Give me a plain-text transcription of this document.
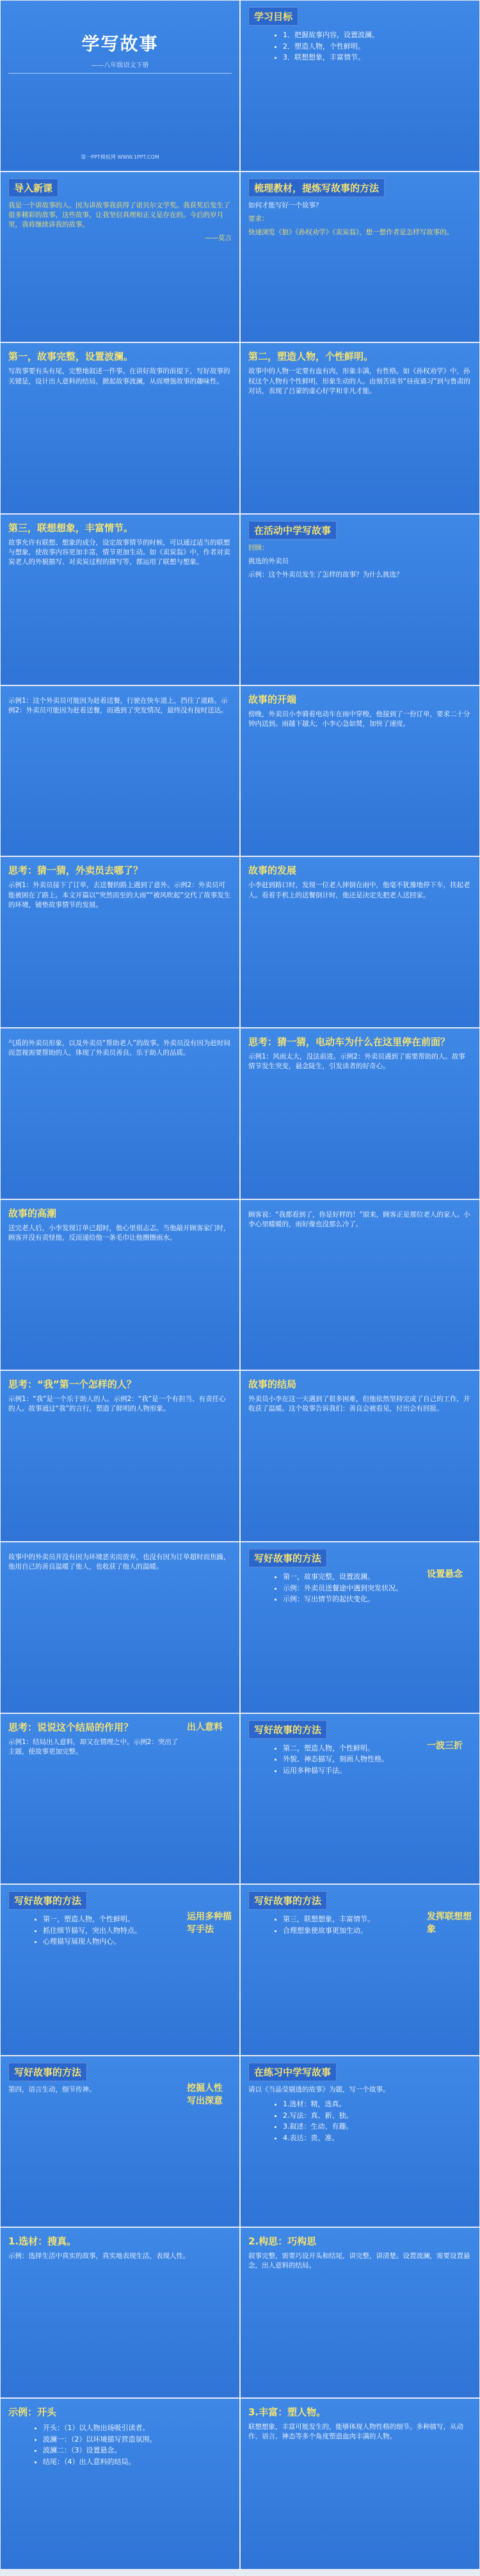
学写故事
——八年级语文下册
第一PPT模板网 WWW.1PPT.COM
学习目标
• 1．把握故事内容，设置波澜。
• 2．塑造人物，个性鲜明。
• 3．联想想象，丰富情节。
导入新课
我是一个讲故事的人。因为讲故事我获得了诺贝尔文学奖。我获奖后发生了很多精彩的故事，这些故事，让我坚信真理和正义是存在的。今后的岁月里，我将继续讲我的故事。
——莫言
梳理教材，提炼写故事的方法
如何才能写好一个故事？
要求：
快速浏览《狼》《孙权劝学》《卖炭翁》，想一想作者是怎样写故事的。
第一，故事完整，设置波澜。
写故事要有头有尾，完整地叙述一件事。在讲好故事的前提下，写好故事的关键是，设计出人意料的结局，掀起故事波澜，从而增强故事的趣味性。
第二，塑造人物，个性鲜明。
故事中的人物一定要有血有肉，形象丰满，有性格。如《孙权劝学》中，孙权这个人物有个性鲜明，形象生动的人。由刻苦读书“昼夜诵习”到与鲁肃的对话，表现了吕蒙的虚心好学和非凡才能。
第三，联想想象，丰富情节。
故事允许有联想、想象的成分，设定故事情节的时候，可以通过适当的联想与想象，使故事内容更加丰富，情节更加生动。如《卖炭翁》中，作者对卖炭老人的外貌描写、对卖炭过程的描写等，都运用了联想与想象。
在活动中学写故事
回顾：
挑选的外卖员
示例：这个外卖员发生了怎样的故事？为什么挑选？
示例1：这个外卖员可能因为赶着送餐，行驶在快车道上，挡住了道路。示例2：外卖员可能因为赶着送餐，而遇到了突发情况，最终没有按时送达。
故事的开端
傍晚，外卖员小李骑着电动车在雨中穿梭，他接到了一份订单，要求二十分钟内送到。雨越下越大，小李心急如焚，加快了速度。
思考：猜一猜，外卖员去哪了？
示例1：外卖员接下了订单，去送餐的路上遇到了意外。示例2：外卖员可能被困在了路上。本文开篇以“突然而至的大雨”“被风吹起”交代了故事发生的环境，铺垫故事情节的发展。
故事的发展
小李赶到路口时，发现一位老人摔倒在雨中，他毫不犹豫地停下车，扶起老人。看着手机上的送餐倒计时，他还是决定先把老人送回家。
气质的外卖员形象，以及外卖员“帮助老人”的故事。外卖员没有因为赶时间而忽视需要帮助的人，体现了外卖员善良、乐于助人的品质。
思考：猜一猜，电动车为什么在这里停在前面？
示例1：风雨太大，没法前进。示例2：外卖员遇到了需要帮助的人。故事情节发生突变，悬念陡生，引发读者的好奇心。
故事的高潮
送完老人后，小李发现订单已超时，他心里很忐忑。当他敲开顾客家门时，顾客并没有责怪他，反而递给他一条毛巾让他擦擦雨水。
顾客说：“我都看到了，你是好样的！”原来，顾客正是那位老人的家人。小李心里暖暖的，雨好像也没那么冷了。
思考：“我”第一个怎样的人？
示例1：“我”是一个乐于助人的人。示例2：“我”是一个有担当、有责任心的人。故事通过“我”的言行，塑造了鲜明的人物形象。
故事的结局
外卖员小李在这一天遇到了很多困难，但他依然坚持完成了自己的工作，并收获了温暖。这个故事告诉我们：善良会被看见，付出会有回报。
故事中的外卖员并没有因为环境恶劣而放弃，也没有因为订单超时而焦躁，他用自己的善良温暖了他人，也收获了他人的温暖。
写好故事的方法
• 第一，故事完整，设置波澜。
• 示例：外卖员送餐途中遇到突发状况。
• 示例：写出情节的起伏变化。
设置悬念
思考：说说这个结局的作用？
示例1：结局出人意料，却又在情理之中。示例2：突出了主题，使故事更加完整。
出人意料	写好故事的方法
• 第二，塑造人物，个性鲜明。
• 外貌、神态描写，刻画人物性格。
• 运用多种描写手法。
一波三折
写好故事的方法
• 第一，塑造人物，个性鲜明。
• 抓住细节描写，突出人物特点。
• 心理描写展现人物内心。
运用多种描写手法
写好故事的方法
• 第三，联想想象，丰富情节。
• 合理想象使故事更加生动。
发挥联想想象
写好故事的方法
第四，语言生动，细节传神。	挖掘人性 写出深意
在练习中学写故事
请以《当晶莹剔透的故事》为题，写一个故事。
• 1.选材：精，选真。
• 2.写法：真、新、独。
• 3.叙述：生动、有趣。
• 4.表达：贵、准。
1.选材：搜真。
示例：选择生活中真实的故事，真实地表现生活，表现人性。
2.构思：巧构思
叙事完整，需要巧设开头和结尾，讲完整，讲清楚。设置波澜，需要设置悬念，出人意料的结局。
示例：开头
• 开头：（1）以人物出场吸引读者。
• 波澜一：（2）以环境描写营造氛围。
• 波澜二：（3）设置悬念。
• 结尾：（4）出人意料的结局。
3.丰富：塑人物。
联想想象，丰富可能发生的，能够体现人物性格的细节。多种描写，从动作、语言、神态等多个角度塑造血肉丰满的人物。
